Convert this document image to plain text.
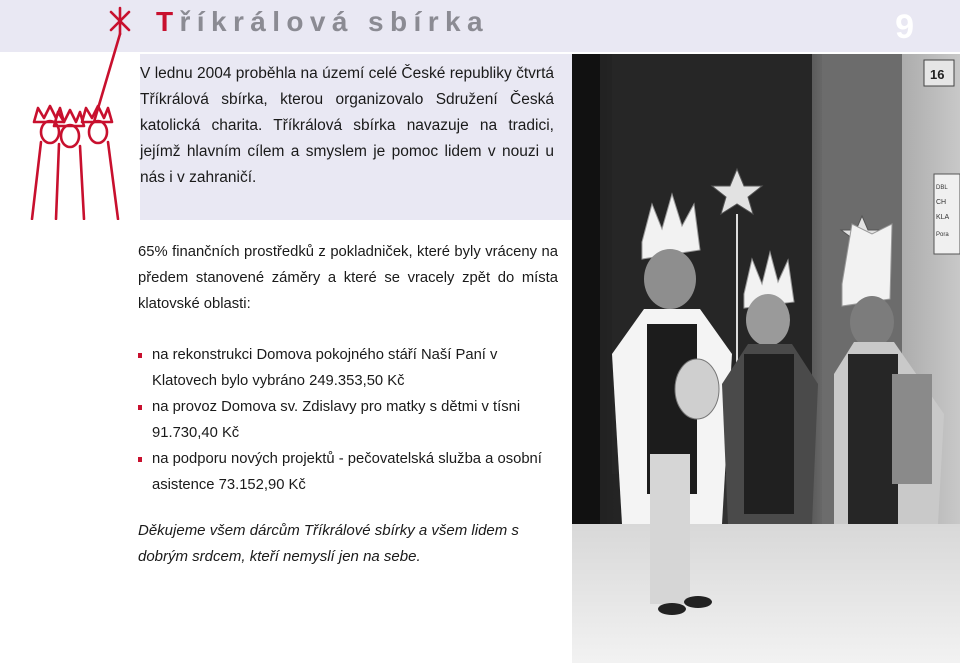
Tříkrálová sbírka	9
V lednu 2004 proběhla na území celé České republiky čtvrtá Tříkrálová sbírka, kterou organizovalo Sdružení Česká katolická charita. Tříkrálová sbírka navazuje na tradici, jejímž hlavním cílem a smyslem je pomoc lidem v nouzi u nás i v zahraničí.
16
DBL
CH
KLA
Pora
65% finančních prostředků z pokladniček, které byly vráceny na předem stanovené záměry a které se vracely zpět do místa klatovské oblasti:
na rekonstrukci Domova pokojného stáří Naší Paní v Klatovech bylo vybráno 249.353,50 Kč
na provoz Domova sv. Zdislavy pro matky s dětmi v tísni 91.730,40 Kč
na podporu nových projektů - pečovatelská služba a osobní asistence 73.152,90 Kč
Děkujeme všem dárcům Tříkrálové sbírky a všem lidem s dobrým srdcem, kteří nemyslí jen na sebe.
